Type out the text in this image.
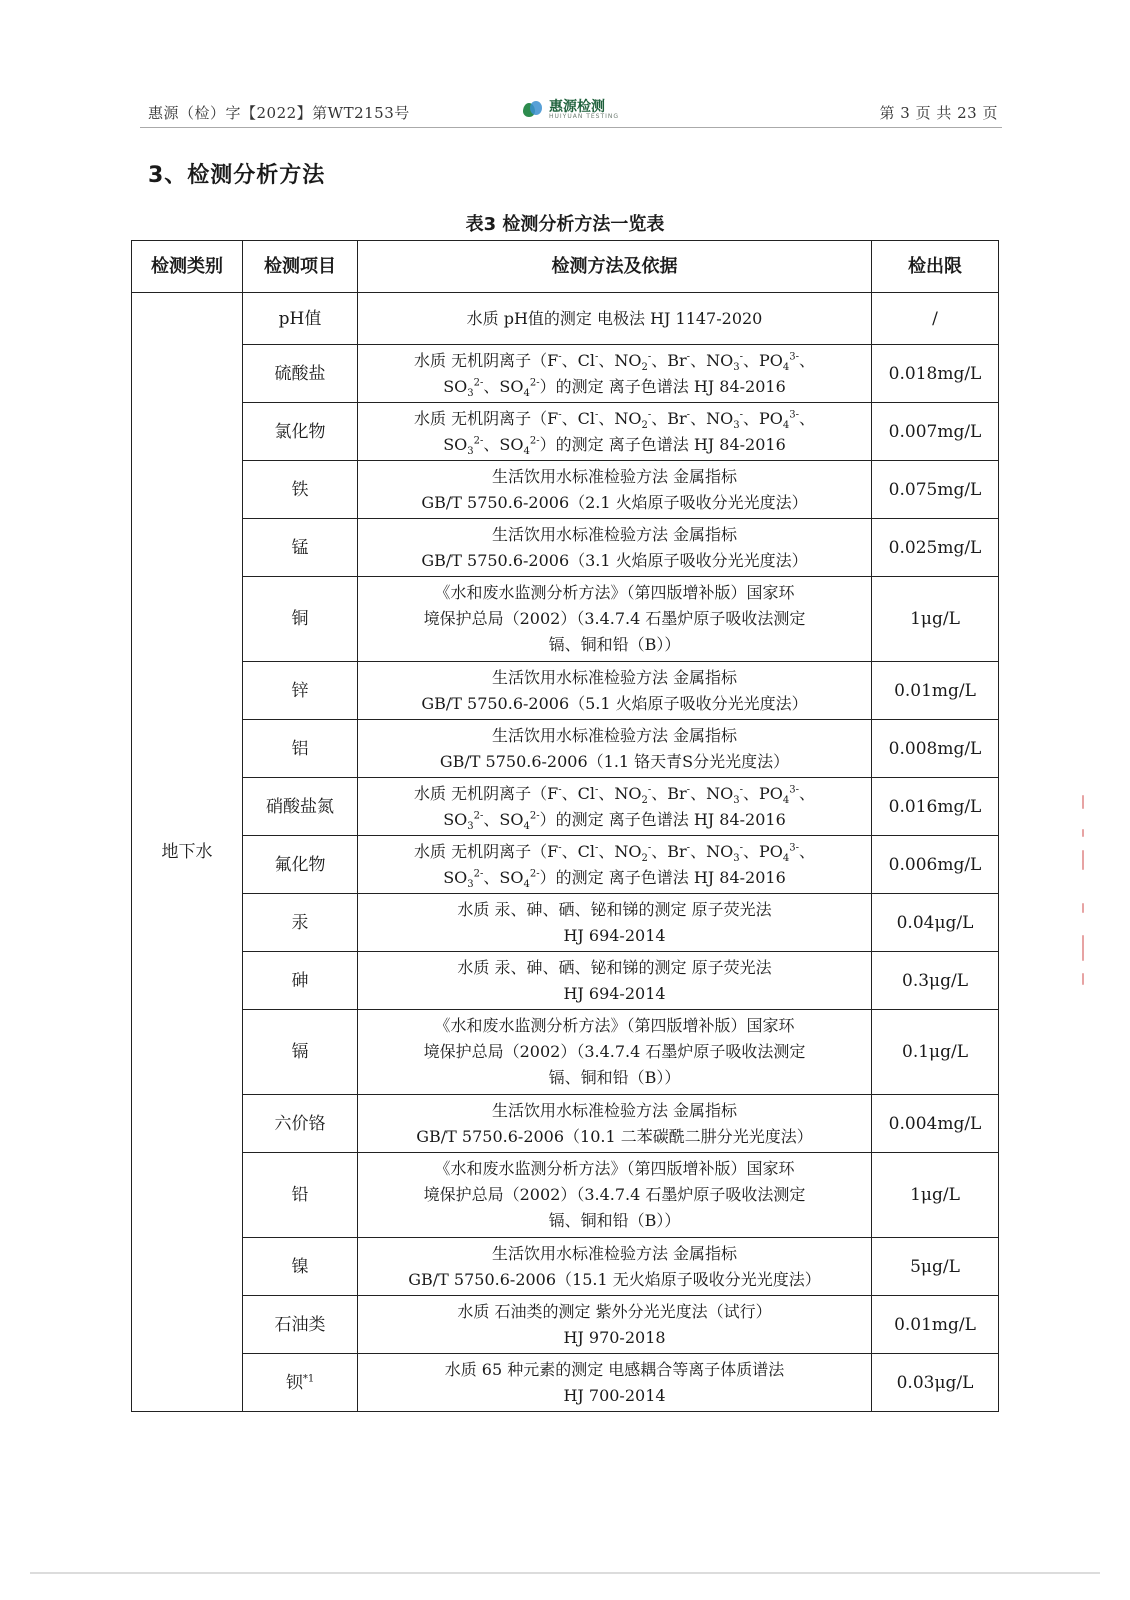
惠源（检）字【2022】第WT2153号	惠源检测
HUIYUAN TESTING	第 3 页 共 23 页
3、检测分析方法
表3 检测分析方法一览表
检测类别	检测项目	检测方法及依据	检出限
地下水	pH值	水质 pH值的测定 电极法 HJ 1147-2020	/
	硫酸盐	水质 无机阴离子（F-、Cl-、$NO_2^-$、Br-、$NO_3^-$、$PO_4^{3-}$、
$SO_3^{2-}$、$SO_4^{2-}$）的测定 离子色谱法 HJ 84-2016	0.018mg/L
	氯化物	水质 无机阴离子（F-、Cl-、$NO_2^-$、Br-、$NO_3^-$、$PO_4^{3-}$、
$SO_3^{2-}$、$SO_4^{2-}$）的测定 离子色谱法 HJ 84-2016	0.007mg/L
	铁	生活饮用水标准检验方法 金属指标
GB/T 5750.6-2006（2.1 火焰原子吸收分光光度法）	0.075mg/L
	锰	生活饮用水标准检验方法 金属指标
GB/T 5750.6-2006（3.1 火焰原子吸收分光光度法）	0.025mg/L
	铜	《水和废水监测分析方法》（第四版增补版）国家环
境保护总局（2002）（3.4.7.4 石墨炉原子吸收法测定
镉、铜和铅（B））	1μg/L
	锌	生活饮用水标准检验方法 金属指标
GB/T 5750.6-2006（5.1 火焰原子吸收分光光度法）	0.01mg/L
	铝	生活饮用水标准检验方法 金属指标
GB/T 5750.6-2006（1.1 铬天青S分光光度法）	0.008mg/L
	硝酸盐氮	水质 无机阴离子（F-、Cl-、$NO_2^-$、Br-、$NO_3^-$、$PO_4^{3-}$、
$SO_3^{2-}$、$SO_4^{2-}$）的测定 离子色谱法 HJ 84-2016	0.016mg/L
	氟化物	水质 无机阴离子（F-、Cl-、$NO_2^-$、Br-、$NO_3^-$、$PO_4^{3-}$、
$SO_3^{2-}$、$SO_4^{2-}$）的测定 离子色谱法 HJ 84-2016	0.006mg/L
	汞	水质 汞、砷、硒、铋和锑的测定 原子荧光法
HJ 694-2014	0.04μg/L
	砷	水质 汞、砷、硒、铋和锑的测定 原子荧光法
HJ 694-2014	0.3μg/L
	镉	《水和废水监测分析方法》（第四版增补版）国家环
境保护总局（2002）（3.4.7.4 石墨炉原子吸收法测定
镉、铜和铅（B））	0.1μg/L
	六价铬	生活饮用水标准检验方法 金属指标
GB/T 5750.6-2006（10.1 二苯碳酰二肼分光光度法）	0.004mg/L
	铅	《水和废水监测分析方法》（第四版增补版）国家环
境保护总局（2002）（3.4.7.4 石墨炉原子吸收法测定
镉、铜和铅（B））	1μg/L
	镍	生活饮用水标准检验方法 金属指标
GB/T 5750.6-2006（15.1 无火焰原子吸收分光光度法）	5μg/L
	石油类	水质 石油类的测定 紫外分光光度法（试行）
HJ 970-2018	0.01mg/L
	钡$^{*1}$	水质 65 种元素的测定 电感耦合等离子体质谱法
HJ 700-2014	0.03μg/L
